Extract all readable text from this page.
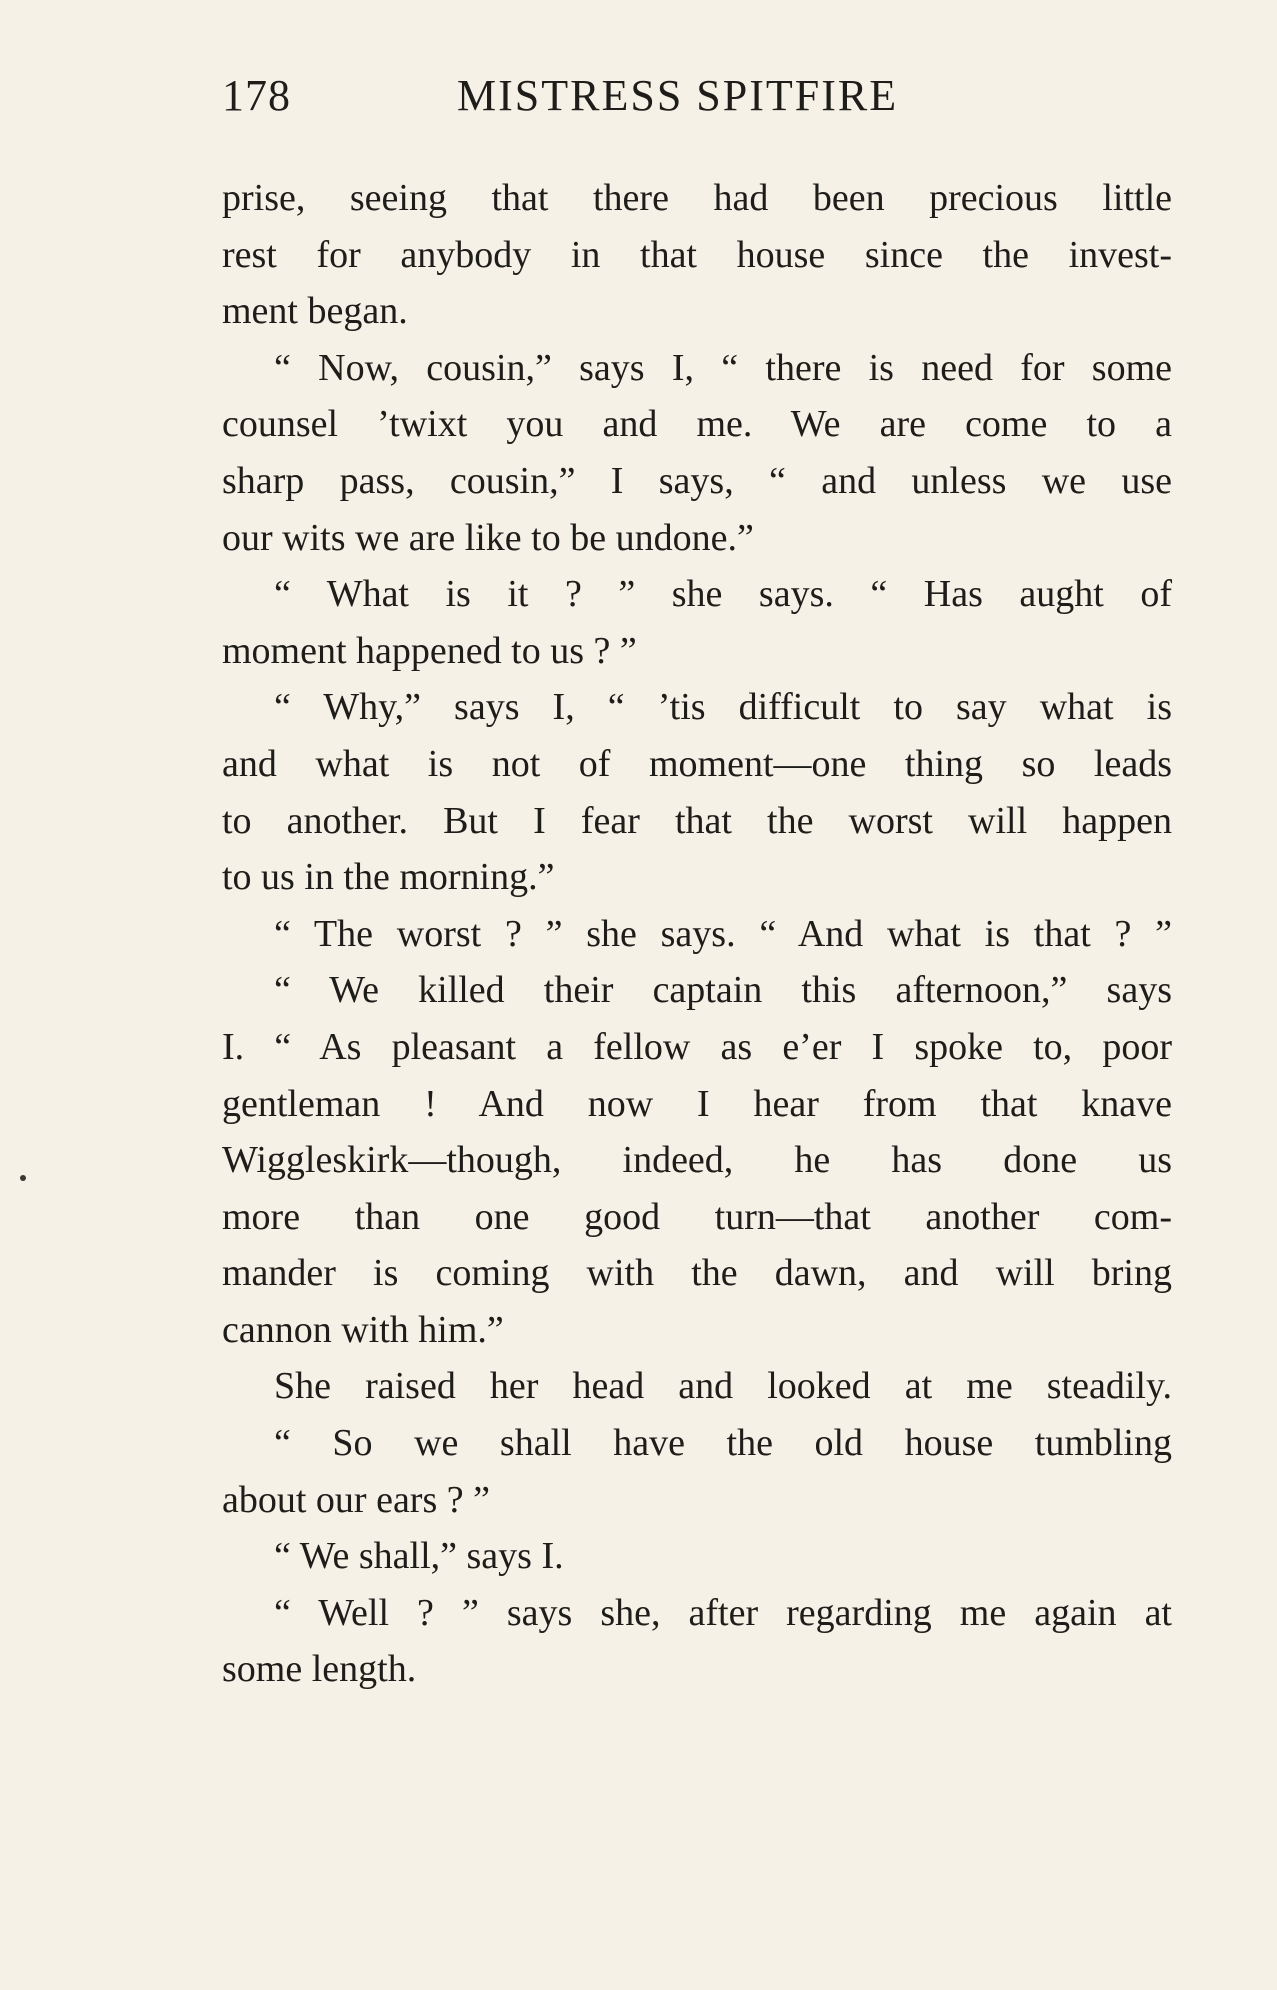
178	MISTRESS SPITFIRE
prise, seeing that there had been precious little
rest for anybody in that house since the invest-
ment began.
“ Now, cousin,” says I, “ there is need for some
counsel ’twixt you and me. We are come to a
sharp pass, cousin,” I says, “ and unless we use
our wits we are like to be undone.”
“ What is it ? ” she says. “ Has aught of
moment happened to us ? ”
“ Why,” says I, “ ’tis difficult to say what is
and what is not of moment—one thing so leads
to another. But I fear that the worst will happen
to us in the morning.”
“ The worst ? ” she says. “ And what is that ? ”
“ We killed their captain this afternoon,” says
I. “ As pleasant a fellow as e’er I spoke to, poor
gentleman ! And now I hear from that knave
Wiggleskirk—though, indeed, he has done us
more than one good turn—that another com-
mander is coming with the dawn, and will bring
cannon with him.”
She raised her head and looked at me steadily.
“ So we shall have the old house tumbling
about our ears ? ”
“ We shall,” says I.
“ Well ? ” says she, after regarding me again at
some length.
